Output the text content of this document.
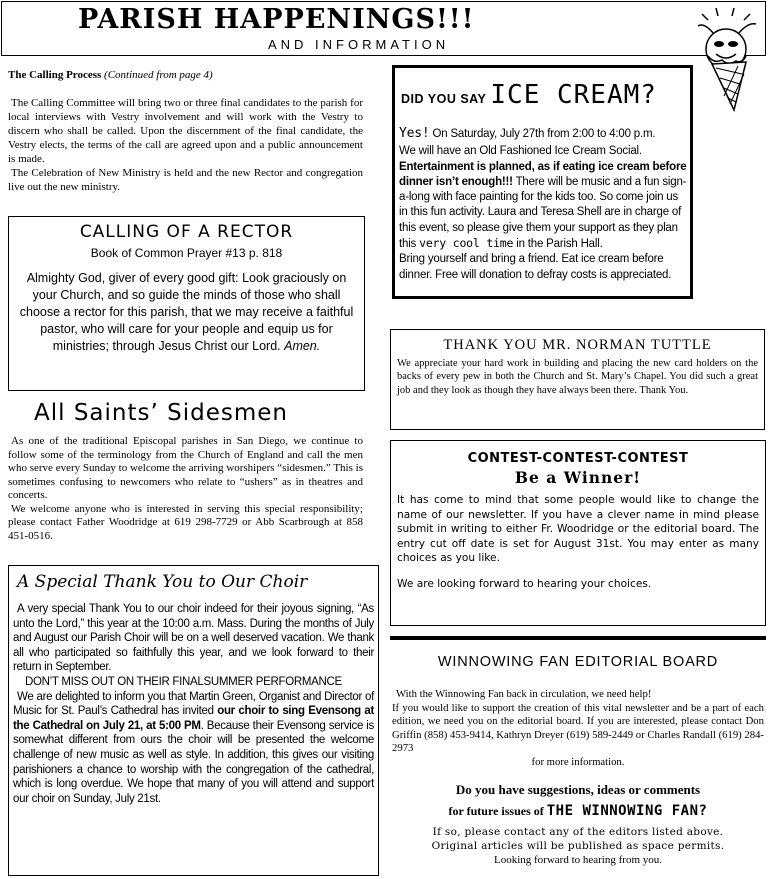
PARISH HAPPENINGS!!!
AND INFORMATION

The Calling Process (Continued from page 4)

The Calling Committee will bring two or three final candidates to the parish for local interviews with Vestry involvement and will work with the Vestry to discern who shall be called. Upon the discernment of the final candidate, the Vestry elects, the terms of the call are agreed upon and a public announcement is made.

The Celebration of New Ministry is held and the new Rector and congregation live out the new ministry.

CALLING OF A RECTOR
Book of Common Prayer #13 p. 818
Almighty God, giver of every good gift: Look graciously on your Church, and so guide the minds of those who shall choose a rector for this parish, that we may receive a faithful pastor, who will care for your people and equip us for ministries; through Jesus Christ our Lord. Amen.
All Saints’ Sidesmen

As one of the traditional Episcopal parishes in San Diego, we continue to follow some of the terminology from the Church of England and call the men who serve every Sunday to welcome the arriving worshipers “sidesmen.” This is sometimes confusing to newcomers who relate to “ushers” as in theatres and concerts.

We welcome anyone who is interested in serving this special responsibility; please contact Father Woodridge at 619 298-7729 or Abb Scarbrough at 858 451-0516.

A Special Thank You to Our Choir

A very special Thank You to our choir indeed for their joyous signing, “As unto the Lord,” this year at the 10:00 a.m. Mass. During the months of July and August our Parish Choir will be on a well deserved vacation. We thank all who participated so faithfully this year, and we look forward to their return in September.

DON’T MISS OUT ON THEIR FINALSUMMER PERFORMANCE

We are delighted to inform you that Martin Green, Organist and Director of Music for St. Paul’s Cathedral has invited our choir to sing Evensong at the Cathedral on July 21, at 5:00 PM. Because their Evensong service is somewhat different from ours the choir will be presented the welcome challenge of new music as well as style. In addition, this gives our visiting parishioners a chance to worship with the congregation of the cathedral, which is long overdue. We hope that many of you will attend and support our choir on Sunday, July 21st.

DID YOU SAY ICE CREAM?

Yes! On Saturday, July 27th from 2:00 to 4:00 p.m.

We will have an Old Fashioned Ice Cream Social. Entertainment is planned, as if eating ice cream before dinner isn’t enough!!! There will be music and a fun sign-a-long with face painting for the kids too. So come join us in this fun activity. Laura and Teresa Shell are in charge of this event, so please give them your support as they plan this very cool time in the Parish Hall.

Bring yourself and bring a friend. Eat ice cream before dinner. Free will donation to defray costs is appreciated.

THANK YOU MR. NORMAN TUTTLE
We appreciate your hard work in building and placing the new card holders on the backs of every pew in both the Church and St. Mary’s Chapel. You did such a great job and they look as though they have always been there. Thank You.
CONTEST-CONTEST-CONTEST
Be a Winner!
It has come to mind that some people would like to change the name of our newsletter. If you have a clever name in mind please submit in writing to either Fr. Woodridge or the editorial board. The entry cut off date is set for August 31st. You may enter as many choices as you like.
We are looking forward to hearing your choices.
WINNOWING FAN EDITORIAL BOARD

With the Winnowing Fan back in circulation, we need help!

If you would like to support the creation of this vital newsletter and be a part of each edition, we need you on the editorial board. If you are interested, please contact Don Griffin (858) 453-9414, Kathryn Dreyer (619) 589-2449 or Charles Randall (619) 284-2973

for more information.

Do you have suggestions, ideas or comments
for future issues of THE WINNOWING FAN?

If so, please contact any of the editors listed above.

Original articles will be published as space permits.

Looking forward to hearing from you.
